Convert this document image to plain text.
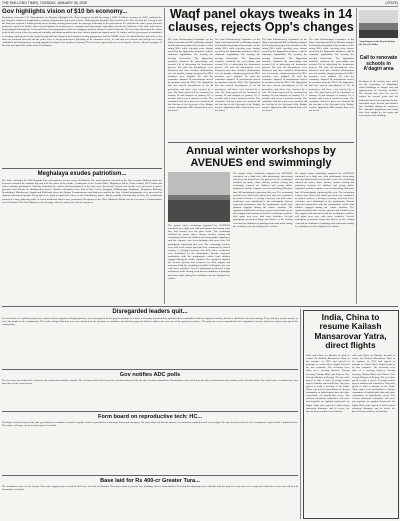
THE SHILLONG TIMES, TUESDAY, JANUARY 28, 2025	(STATE)
Gov highlights vision of $10 bn economy...
Meghalaya Governor C H Vijayashankar on Monday highlighted the State's progress toward becoming a USD 10 billion economy by 2028, outlining the government's initiatives in agriculture, tourism, infrastructure and social welfare. Addressing the Republic Day function at the Polo Ground, the Governor said the State has reported a robust growth and is steadily moving ahead under the strategic leadership of the government. He said that the state's gross domestic product is expected to double, driven by investments in tourism, power, transport and connectivity. Agriculture remains the backbone of the state with farmers being supported through the Focus and Focus Plus programmes which are bringing a positive change in rural livelihoods. The Governor also lauded the efforts in the health sector where the maternal mortality and infant mortality rates have shown significant improvement. He further said the government is committed to creating employment for the youth through skill development and entrepreneurship programmes and the MSME sector. He added that law and order in the state has remained peaceful and the police force is being modernised. Speaking on the education sector, he said that new schools and colleges are being established and infrastructure is being upgraded to improve the quality of learning. The Governor urged citizens to work together for the collective progress of the state and uphold the ideals of the Constitution.
Meghalaya exudes patriotism...
The State celebrated the 76th Republic Day with patriotic fervour across all districts. The main function was held at the Polo Ground, Shillong where the Governor unfurled the national flag and took the salute at the parade. Contingents of the Assam Rifles, Meghalaya Police, Home Guards, NCC cadets and school students participated. Tableaux depicting the culture and development of the state were showcased. Awards and medals were presented to police personnel and citizens for distinguished service. Similar celebrations were held at Tura, Jowai, Nongpoh, Williamnagar, Baghmara, Nongstoin, Mairang, Resubelpara, Mawkyrwat, Ampati and Khliehriat where the Deputy Commissioners and ministers unfurled the flag. Cultural programmes were presented by students and various groups. The people were urged to uphold the values of the Constitution, justice, liberty, equality and fraternity. In Tura, the celebrations witnessed a large gathering while in Jowai traditional dances were performed. Recipients of the Chief Minister's Medal and the Governor's Commendation were felicitated. The Chief Minister in his message called for unity and collective progress.
Waqf panel okays tweaks in 14 clauses, rejects Opp's changes
The Joint Parliamentary Committee on the Waqf (Amendment) Bill on Monday adopted all amendments proposed by members of the ruling NDA while rejecting every change moved by the Opposition members, with its chairman Jagdambika Pal terming the meeting democratic. The Opposition members slammed the proceedings and accused Pal of subverting the democratic process. Pal said 44 amendments were discussed and after detailed deliberations over six months, changes proposed by NDA members were adopted. He said the committee adopted 14 amendments moved by members from the NDA. The Opposition had also moved amendments to all 44 provisions, and these were rejected by a vote. The draft report will be circulated on January 28 and adopted on January 29. A member said it was a farcical exercise. The committee had been given an extension till the last day of the first part of the Budget session. Opposition MPs claimed they were not heard.
The Joint Parliamentary Committee on the Waqf (Amendment) Bill on Monday adopted all amendments proposed by members of the ruling NDA while rejecting every change moved by the Opposition members, with its chairman Jagdambika Pal terming the meeting democratic. The Opposition members slammed the proceedings and accused Pal of subverting the democratic process. Pal said 44 amendments were discussed and after detailed deliberations over six months, changes proposed by NDA members were adopted. He said the committee adopted 14 amendments moved by members from the NDA. The Opposition had also moved amendments to all 44 provisions, and these were rejected by a vote. The draft report will be circulated on January 28 and adopted on January 29. A member said it was a farcical exercise. The committee had been given an extension till the last day of the first part of the Budget session. Opposition MPs claimed they were not heard.
The Joint Parliamentary Committee on the Waqf (Amendment) Bill on Monday adopted all amendments proposed by members of the ruling NDA while rejecting every change moved by the Opposition members, with its chairman Jagdambika Pal terming the meeting democratic. The Opposition members slammed the proceedings and accused Pal of subverting the democratic process. Pal said 44 amendments were discussed and after detailed deliberations over six months, changes proposed by NDA members were adopted. He said the committee adopted 14 amendments moved by members from the NDA. The Opposition had also moved amendments to all 44 provisions, and these were rejected by a vote. The draft report will be circulated on January 28 and adopted on January 29. A member said it was a farcical exercise. The committee had been given an extension till the last day of the first part of the Budget session. Opposition MPs claimed they were not heard.
The Joint Parliamentary Committee on the Waqf (Amendment) Bill on Monday adopted all amendments proposed by members of the ruling NDA while rejecting every change moved by the Opposition members, with its chairman Jagdambika Pal terming the meeting democratic. The Opposition members slammed the proceedings and accused Pal of subverting the democratic process. Pal said 44 amendments were discussed and after detailed deliberations over six months, changes proposed by NDA members were adopted. He said the committee adopted 14 amendments moved by members from the NDA. The Opposition had also moved amendments to all 44 provisions, and these were rejected by a vote. The draft report will be circulated on January 28 and adopted on January 29. A member said it was a farcical exercise. The committee had been given an extension till the last day of the first part of the Budget session. Opposition MPs claimed they were not heard.
A participant on his bicycle during the Tour de Vailla.
Call to renovate schools in A'dagiri area
Residents of the locality have called for the renovation of dilapidated school buildings in Adagiri area and improvement of teaching facilities. The schools have been in need of repairs for several years and the authorities have been requested to take immediate steps. Parents said children face hardship during the monsoon. The education department said funds have been sought for the repair and renovation of the buildings.
Annual winter workshops by AVENUES end swimmingly
The annual winter workshops organised by AVENUES concluded on a high note with participants showcasing what they had learned over the past weeks. The workshops included art, music, dance, theatre, creative writing and swimming sessions for children and young adults. Organisers said the response was overwhelming with more than 300 participants registering this year. The swimming sessions were held at the indoor pool and were conducted by trained coaches. A closing ceremony was held where certificates were distributed to the participants. Parents expressed satisfaction with the programmes which kept children engaged during the winter vacation. The organisers thanked the resource persons and volunteers for their support and announced that the workshops would be held again next year with more activities. Several participants performed songs and dances at the closing event and an exhibition of paintings and crafts made during the workshop was also displayed for visitors.
The annual winter workshops organised by AVENUES concluded on a high note with participants showcasing what they had learned over the past weeks. The workshops included art, music, dance, theatre, creative writing and swimming sessions for children and young adults. Organisers said the response was overwhelming with more than 300 participants registering this year. The swimming sessions were held at the indoor pool and were conducted by trained coaches. A closing ceremony was held where certificates were distributed to the participants. Parents expressed satisfaction with the programmes which kept children engaged during the winter vacation. The organisers thanked the resource persons and volunteers for their support and announced that the workshops would be held again next year with more activities. Several participants performed songs and dances at the closing event and an exhibition of paintings and crafts made during the workshop was also displayed for visitors.
The annual winter workshops organised by AVENUES concluded on a high note with participants showcasing what they had learned over the past weeks. The workshops included art, music, dance, theatre, creative writing and swimming sessions for children and young adults. Organisers said the response was overwhelming with more than 300 participants registering this year. The swimming sessions were held at the indoor pool and were conducted by trained coaches. A closing ceremony was held where certificates were distributed to the participants. Parents expressed satisfaction with the programmes which kept children engaged during the winter vacation. The organisers thanked the resource persons and volunteers for their support and announced that the workshops would be held again next year with more activities. Several participants performed songs and dances at the closing event and an exhibition of paintings and crafts made during the workshop was also displayed for visitors.
Disregarded leaders quit...
Several leaders of a political party have tendered their resignation alleging that they were disregarded by the party leadership. In a letter to the party president they said that their contributions had been ignored and they had been sidelined in decision making. They said they would continue to serve the people of the constituency. The leaders alleged that they were not consulted on the selection of candidates and that the party had failed to address the concerns of the grassroots workers. The party has not yet responded to the resignations. Sources said more leaders may quit in the coming days.
Gov notifies ADC polls
The Governor has notified the elections to the autonomous district councils. The elections will be held as per the schedule announced by the state election commission. Nominations can be filed from the date of notification and scrutiny will be held thereafter. The model code of conduct has come into effect in the council areas.
Form board on reproductive tech: HC...
The High Court has directed the state government to constitute a board to regulate assisted reproductive technology clinics and surrogacy. The court observed that the absence of a board has resulted in lack of oversight. The state has been asked to file a compliance report within a stipulated time. The matter will come up for hearing again next month.
Base laid for Rs 400-cr Greater Tura...
The foundation stone for the Greater Tura water supply project worth Rs 400 crore was laid on Monday. The project aims to provide safe drinking water to households in Tura and the adjoining areas. Officials said the project is expected to be completed within three years and will benefit thousands of residents.
India, China to resume Kailash Mansarovar Yatra, direct flights
India and China on Monday decided to resume the Kailash Mansarovar Yatra in the summer of 2025 and agreed in principle to restart direct flights between the two countries. The decisions were taken at a meeting between Foreign Secretary Vikram Misri and Chinese Vice Foreign Minister in Beijing. The two sides agreed to take a series of people-centric steps to stabilise and rebuild ties. They also agreed to hold a meeting of the India-China expert level mechanism to discuss resumption of hydrological data and other cooperation on trans-border rivers. The relevant functional authorities will meet and negotiate an updated framework for flights. Both sides agreed to hold various functional dialogues and to revive the Special Representatives mechanism.
India and China on Monday decided to resume the Kailash Mansarovar Yatra in the summer of 2025 and agreed in principle to restart direct flights between the two countries. The decisions were taken at a meeting between Foreign Secretary Vikram Misri and Chinese Vice Foreign Minister in Beijing. The two sides agreed to take a series of people-centric steps to stabilise and rebuild ties. They also agreed to hold a meeting of the India-China expert level mechanism to discuss resumption of hydrological data and other cooperation on trans-border rivers. The relevant functional authorities will meet and negotiate an updated framework for flights. Both sides agreed to hold various functional dialogues and to revive the Special Representatives mechanism.
